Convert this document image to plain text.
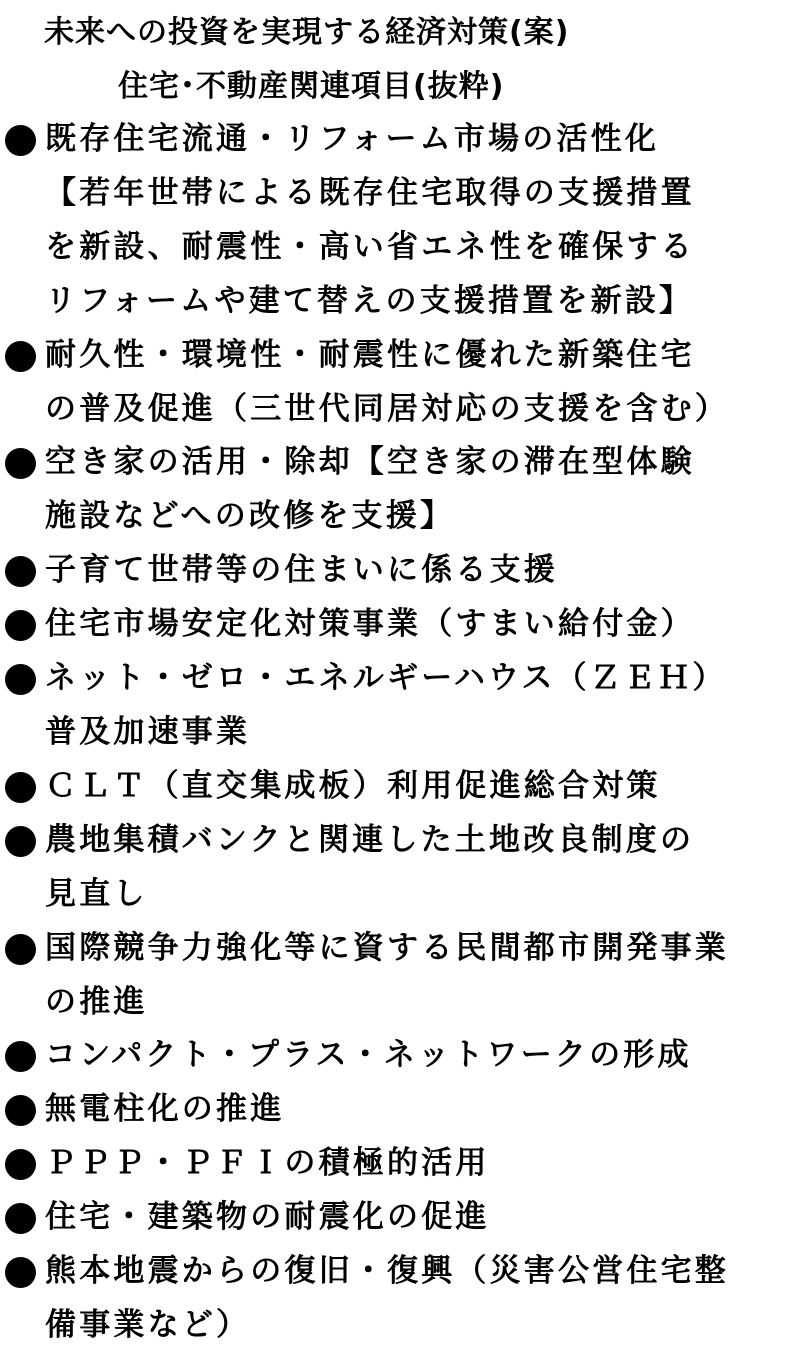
未来への投資を実現する経済対策(案)
住宅･不動産関連項目(抜粋)
既存住宅流通・リフォーム市場の活性化
【若年世帯による既存住宅取得の支援措置
を新設、耐震性・高い省エネ性を確保する
リフォームや建て替えの支援措置を新設】
耐久性・環境性・耐震性に優れた新築住宅
の普及促進（三世代同居対応の支援を含む）
空き家の活用・除却【空き家の滞在型体験
施設などへの改修を支援】
子育て世帯等の住まいに係る支援
住宅市場安定化対策事業（すまい給付金）
ネット・ゼロ・エネルギーハウス（ＺＥＨ）
普及加速事業
ＣＬＴ（直交集成板）利用促進総合対策
農地集積バンクと関連した土地改良制度の
見直し
国際競争力強化等に資する民間都市開発事業
の推進
コンパクト・プラス・ネットワークの形成
無電柱化の推進
ＰＰＰ・ＰＦＩの積極的活用
住宅・建築物の耐震化の促進
熊本地震からの復旧・復興（災害公営住宅整
備事業など）
